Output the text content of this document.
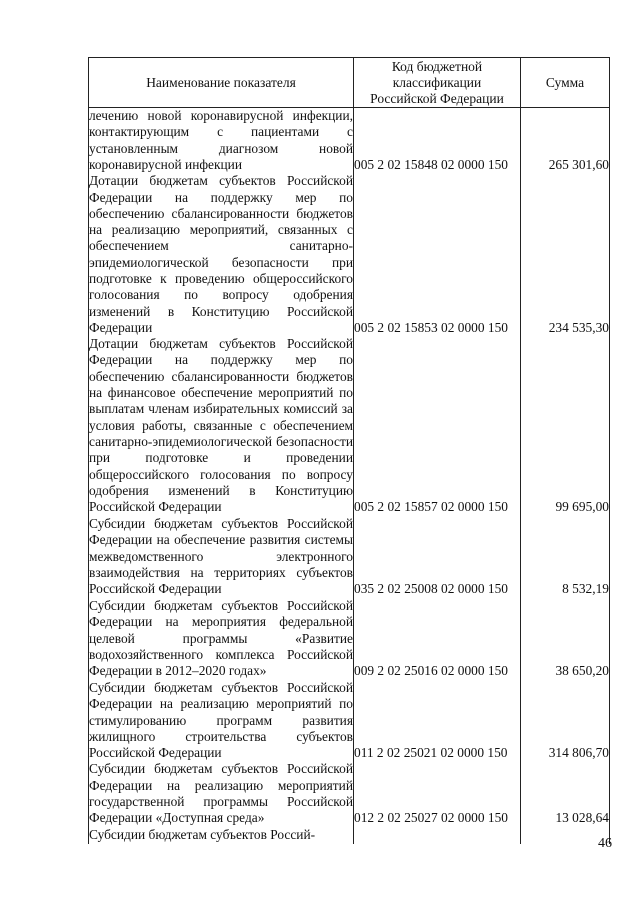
Наименование показателя	Код бюджетной классификации Российской Федерации	Сумма
лечению новой коронавирусной инфекции, контактирующим с пациентами с установленным диагнозом новой коронавирусной инфекции	005 2 02 15848 02 0000 150	265 301,60
Дотации бюджетам субъектов Российской Федерации на поддержку мер по обеспечению сбалансированности бюджетов на реализацию мероприятий, связанных с обеспечением санитарно-эпидемиологической безопасности при подготовке к проведению общероссийского голосования по вопросу одобрения изменений в Конституцию Российской Федерации	005 2 02 15853 02 0000 150	234 535,30
Дотации бюджетам субъектов Российской Федерации на поддержку мер по обеспечению сбалансированности бюджетов на финансовое обеспечение мероприятий по выплатам членам избирательных комиссий за условия работы, связанные с обеспечением санитарно-эпидемиологической безопасности при подготовке и проведении общероссийского голосования по вопросу одобрения изменений в Конституцию Российской Федерации	005 2 02 15857 02 0000 150	99 695,00
Субсидии бюджетам субъектов Российской Федерации на обеспечение развития системы межведомственного электронного взаимодействия на территориях субъектов Российской Федерации	035 2 02 25008 02 0000 150	8 532,19
Субсидии бюджетам субъектов Российской Федерации на мероприятия федеральной целевой программы «Развитие водохозяйственного комплекса Российской Федерации в 2012–2020 годах»	009 2 02 25016 02 0000 150	38 650,20
Субсидии бюджетам субъектов Российской Федерации на реализацию мероприятий по стимулированию программ развития жилищного строительства субъектов Российской Федерации	011 2 02 25021 02 0000 150	314 806,70
Субсидии бюджетам субъектов Российской Федерации на реализацию мероприятий государственной программы Российской Федерации «Доступная среда»	012 2 02 25027 02 0000 150	13 028,64
Субсидии бюджетам субъектов Россий-		
46
